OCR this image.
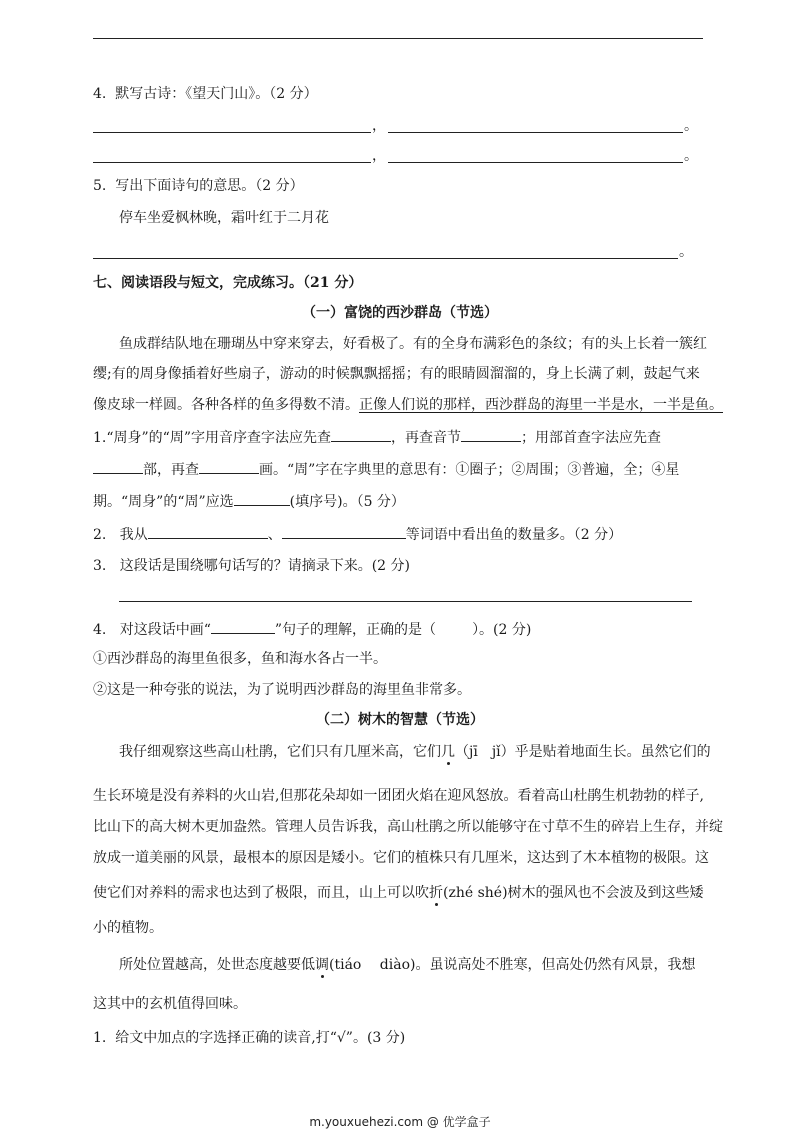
4. 默写古诗：《望天门山》。（2 分）
，	。
，	。
5. 写出下面诗句的意思。（2 分）
停车坐爱枫林晚，霜叶红于二月花
。
七、阅读语段与短文，完成练习。（21 分）
（一）富饶的西沙群岛（节选）
鱼成群结队地在珊瑚丛中穿来穿去，好看极了。有的全身布满彩色的条纹；有的头上长着一簇红
缨;有的周身像插着好些扇子，游动的时候飘飘摇摇；有的眼睛圆溜溜的，身上长满了刺，鼓起气来
像皮球一样圆。各种各样的鱼多得数不清。正像人们说的那样，西沙群岛的海里一半是水，一半是鱼。
1.“周身”的“周”字用音序查字法应先查	，再查音节	；用部首查字法应先查
部，再查	画。“周”字在字典里的意思有：①圈子；②周围；③普遍，全；④星
期。“周身”的“周”应选	(填序号)。（5 分）
2. 我从	、	等词语中看出鱼的数量多。（2 分）
3. 这段话是围绕哪句话写的？请摘录下来。(2 分)
4. 对这段话中画“	”句子的理解，正确的是（	）。(2 分)
①西沙群岛的海里鱼很多，鱼和海水各占一半。
②这是一种夸张的说法，为了说明西沙群岛的海里鱼非常多。
（二）树木的智慧（节选）
我仔细观察这些高山杜鹃，它们只有几厘米高，它们几（jī　jǐ）乎是贴着地面生长。虽然它们的
生长环境是没有养料的火山岩,但那花朵却如一团团火焰在迎风怒放。看着高山杜鹃生机勃勃的样子,
比山下的高大树木更加盎然。管理人员告诉我，高山杜鹃之所以能够守在寸草不生的碎岩上生存，并绽
放成一道美丽的风景，最根本的原因是矮小。它们的植株只有几厘米，这达到了木本植物的极限。这
使它们对养料的需求也达到了极限，而且，山上可以吹折(zhé shé)树木的强风也不会波及到这些矮
小的植物。
所处位置越高，处世态度越要低调(tiáo　 diào)。虽说高处不胜寒，但高处仍然有风景，我想
这其中的玄机值得回味。
1. 给文中加点的字选择正确的读音,打“√”。(3 分)
m.youxuehezi.com @ 优学盒子
